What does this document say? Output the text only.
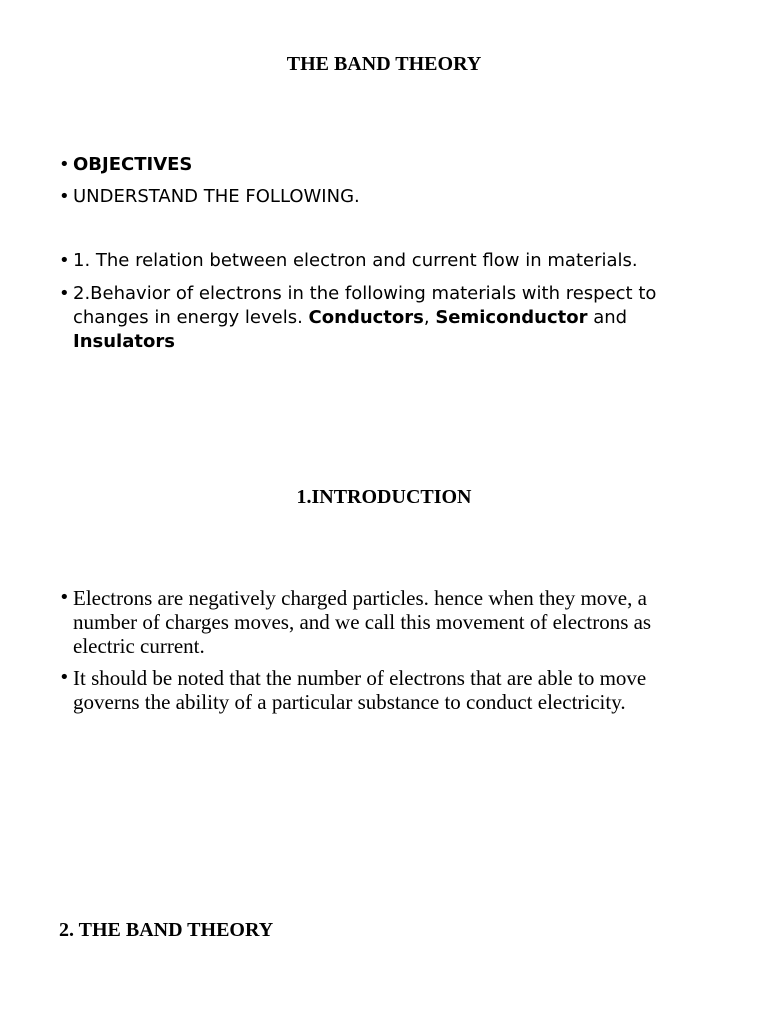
THE BAND THEORY
• OBJECTIVES
• UNDERSTAND THE FOLLOWING.
• 1. The relation between electron and current flow in materials.
• 2.Behavior of electrons in the following materials with respect to changes in energy levels. Conductors, Semiconductor and Insulators
1.INTRODUCTION
• Electrons are negatively charged particles. hence when they move, a number of charges moves, and we call this movement of electrons as electric current.
• It should be noted that the number of electrons that are able to move governs the ability of a particular substance to conduct electricity.
2. THE BAND THEORY
